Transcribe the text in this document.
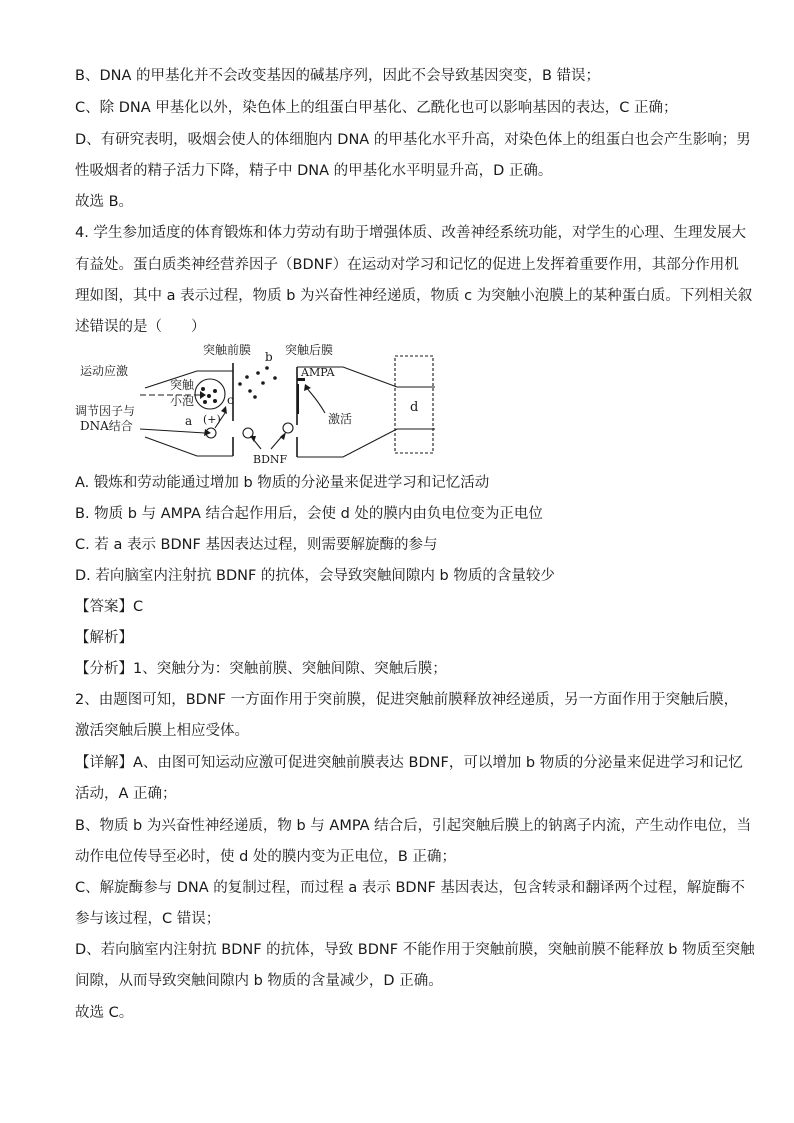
B、DNA 的甲基化并不会改变基因的碱基序列，因此不会导致基因突变，B 错误；
C、除 DNA 甲基化以外，染色体上的组蛋白甲基化、乙酰化也可以影响基因的表达，C 正确；
D、有研究表明，吸烟会使人的体细胞内 DNA 的甲基化水平升高，对染色体上的组蛋白也会产生影响；男
性吸烟者的精子活力下降，精子中 DNA 的甲基化水平明显升高，D 正确。
故选 B。
4. 学生参加适度的体育锻炼和体力劳动有助于增强体质、改善神经系统功能，对学生的心理、生理发展大
有益处。蛋白质类神经营养因子（BDNF）在运动对学习和记忆的促进上发挥着重要作用，其部分作用机
理如图，其中 a 表示过程，物质 b 为兴奋性神经递质，物质 c 为突触小泡膜上的某种蛋白质。下列相关叙
述错误的是（　　）
突触前膜	突触后膜
运动应激
调节因子与
DNA结合
突触
小泡
a
b
c	d
(+)
AMPA
激活
BDNF
A. 锻炼和劳动能通过增加 b 物质的分泌量来促进学习和记忆活动
B. 物质 b 与 AMPA 结合起作用后，会使 d 处的膜内由负电位变为正电位
C. 若 a 表示 BDNF 基因表达过程，则需要解旋酶的参与
D. 若向脑室内注射抗 BDNF 的抗体，会导致突触间隙内 b 物质的含量较少
【答案】C
【解析】
【分析】1、突触分为：突触前膜、突触间隙、突触后膜；
2、由题图可知，BDNF 一方面作用于突前膜，促进突触前膜释放神经递质，另一方面作用于突触后膜，
激活突触后膜上相应受体。
【详解】A、由图可知运动应激可促进突触前膜表达 BDNF，可以增加 b 物质的分泌量来促进学习和记忆
活动，A 正确；
B、物质 b 为兴奋性神经递质，物 b 与 AMPA 结合后，引起突触后膜上的钠离子内流，产生动作电位，当
动作电位传导至必时，使 d 处的膜内变为正电位，B 正确；
C、解旋酶参与 DNA 的复制过程，而过程 a 表示 BDNF 基因表达，包含转录和翻译两个过程，解旋酶不
参与该过程，C 错误；
D、若向脑室内注射抗 BDNF 的抗体，导致 BDNF 不能作用于突触前膜，突触前膜不能释放 b 物质至突触
间隙，从而导致突触间隙内 b 物质的含量减少，D 正确。
故选 C。
